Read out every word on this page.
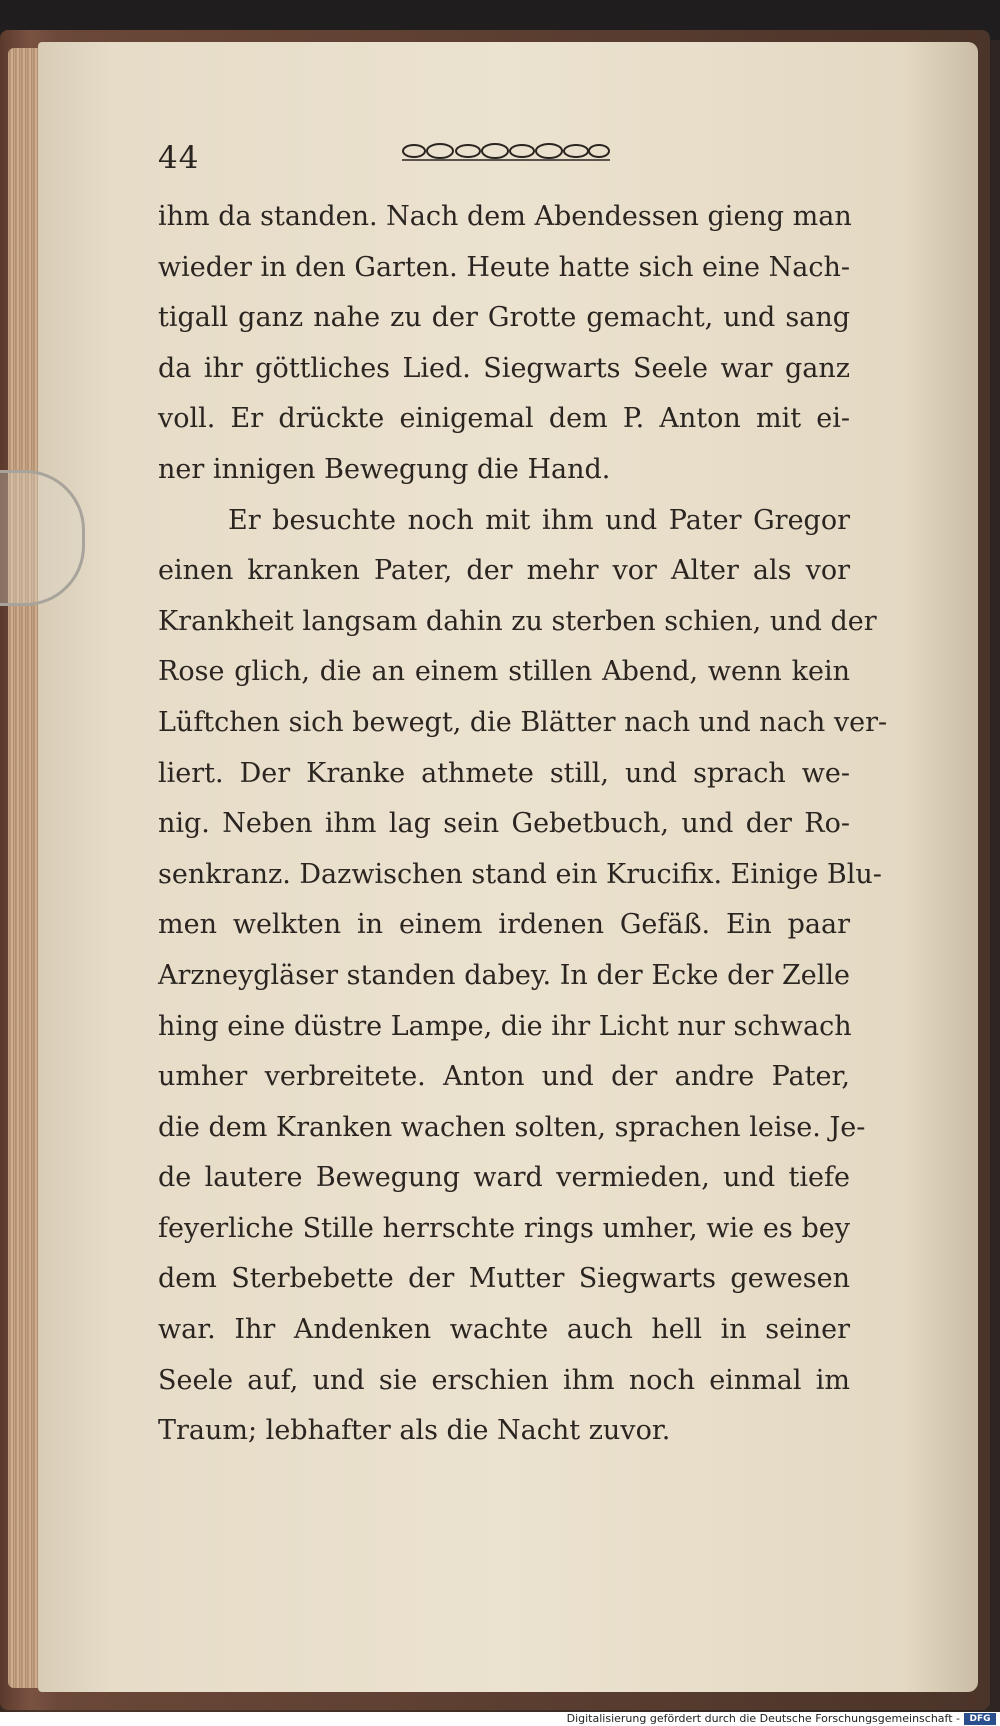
44
ihm da standen. Nach dem Abendessen gieng man
wieder in den Garten. Heute hatte sich eine Nach-
tigall ganz nahe zu der Grotte gemacht, und sang
da ihr göttliches Lied. Siegwarts Seele war ganz
voll. Er drückte einigemal dem P. Anton mit ei-
ner innigen Bewegung die Hand.
Er besuchte noch mit ihm und Pater Gregor
einen kranken Pater, der mehr vor Alter als vor
Krankheit langsam dahin zu sterben schien, und der
Rose glich, die an einem stillen Abend, wenn kein
Lüftchen sich bewegt, die Blätter nach und nach ver-
liert. Der Kranke athmete still, und sprach we-
nig. Neben ihm lag sein Gebetbuch, und der Ro-
senkranz. Dazwischen stand ein Krucifix. Einige Blu-
men welkten in einem irdenen Gefäß. Ein paar
Arzneygläser standen dabey. In der Ecke der Zelle
hing eine düstre Lampe, die ihr Licht nur schwach
umher verbreitete. Anton und der andre Pater,
die dem Kranken wachen solten, sprachen leise. Je-
de lautere Bewegung ward vermieden, und tiefe
feyerliche Stille herrschte rings umher, wie es bey
dem Sterbebette der Mutter Siegwarts gewesen
war. Ihr Andenken wachte auch hell in seiner
Seele auf, und sie erschien ihm noch einmal im
Traum; lebhafter als die Nacht zuvor.
Digitalisierung gefördert durch die Deutsche Forschungsgemeinschaft -	DFG
